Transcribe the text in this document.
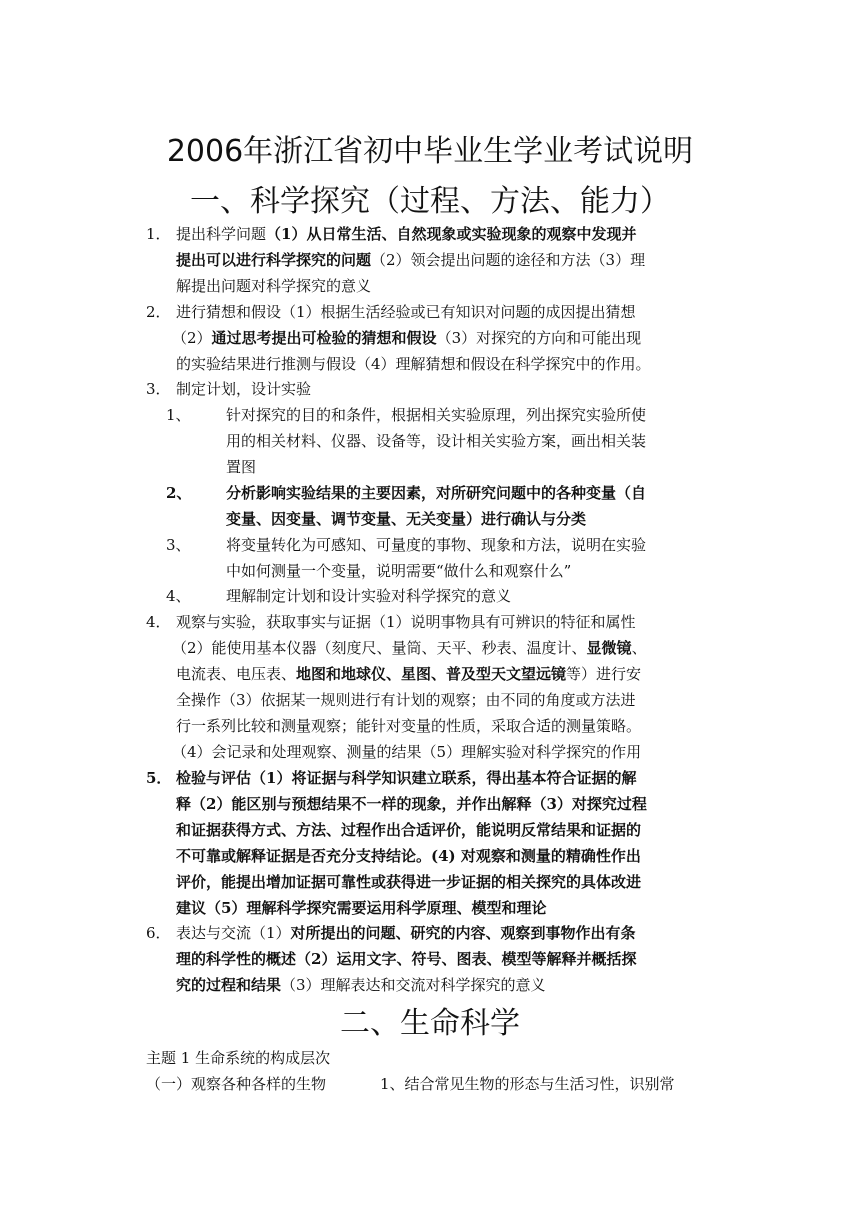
2006年浙江省初中毕业生学业考试说明
一、科学探究（过程、方法、能力）
1． 提出科学问题（1）从日常生活、自然现象或实验现象的观察中发现并
提出可以进行科学探究的问题（2）领会提出问题的途径和方法（3）理
解提出问题对科学探究的意义
2． 进行猜想和假设（1）根据生活经验或已有知识对问题的成因提出猜想
（2）通过思考提出可检验的猜想和假设（3）对探究的方向和可能出现
的实验结果进行推测与假设（4）理解猜想和假设在科学探究中的作用。
3． 制定计划，设计实验
1、 针对探究的目的和条件，根据相关实验原理，列出探究实验所使
用的相关材料、仪器、设备等，设计相关实验方案，画出相关装
置图
2、 分析影响实验结果的主要因素，对所研究问题中的各种变量（自
变量、因变量、调节变量、无关变量）进行确认与分类
3、 将变量转化为可感知、可量度的事物、现象和方法，说明在实验
中如何测量一个变量，说明需要“做什么和观察什么”
4、 理解制定计划和设计实验对科学探究的意义
4． 观察与实验，获取事实与证据（1）说明事物具有可辨识的特征和属性
（2）能使用基本仪器（刻度尺、量筒、天平、秒表、温度计、显微镜、
电流表、电压表、地图和地球仪、星图、普及型天文望远镜等）进行安
全操作（3）依据某一规则进行有计划的观察；由不同的角度或方法进
行一系列比较和测量观察；能针对变量的性质，采取合适的测量策略。
（4）会记录和处理观察、测量的结果（5）理解实验对科学探究的作用
5． 检验与评估（1）将证据与科学知识建立联系，得出基本符合证据的解
释（2）能区别与预想结果不一样的现象，并作出解释（3）对探究过程
和证据获得方式、方法、过程作出合适评价，能说明反常结果和证据的
不可靠或解释证据是否充分支持结论。(4) 对观察和测量的精确性作出
评价，能提出增加证据可靠性或获得进一步证据的相关探究的具体改进
建议（5）理解科学探究需要运用科学原理、模型和理论
6． 表达与交流（1）对所提出的问题、研究的内容、观察到事物作出有条
理的科学性的概述（2）运用文字、符号、图表、模型等解释并概括探
究的过程和结果（3）理解表达和交流对科学探究的意义
二、生命科学
主题 1 生命系统的构成层次
（一）观察各种各样的生物	1、结合常见生物的形态与生活习性，识别常
